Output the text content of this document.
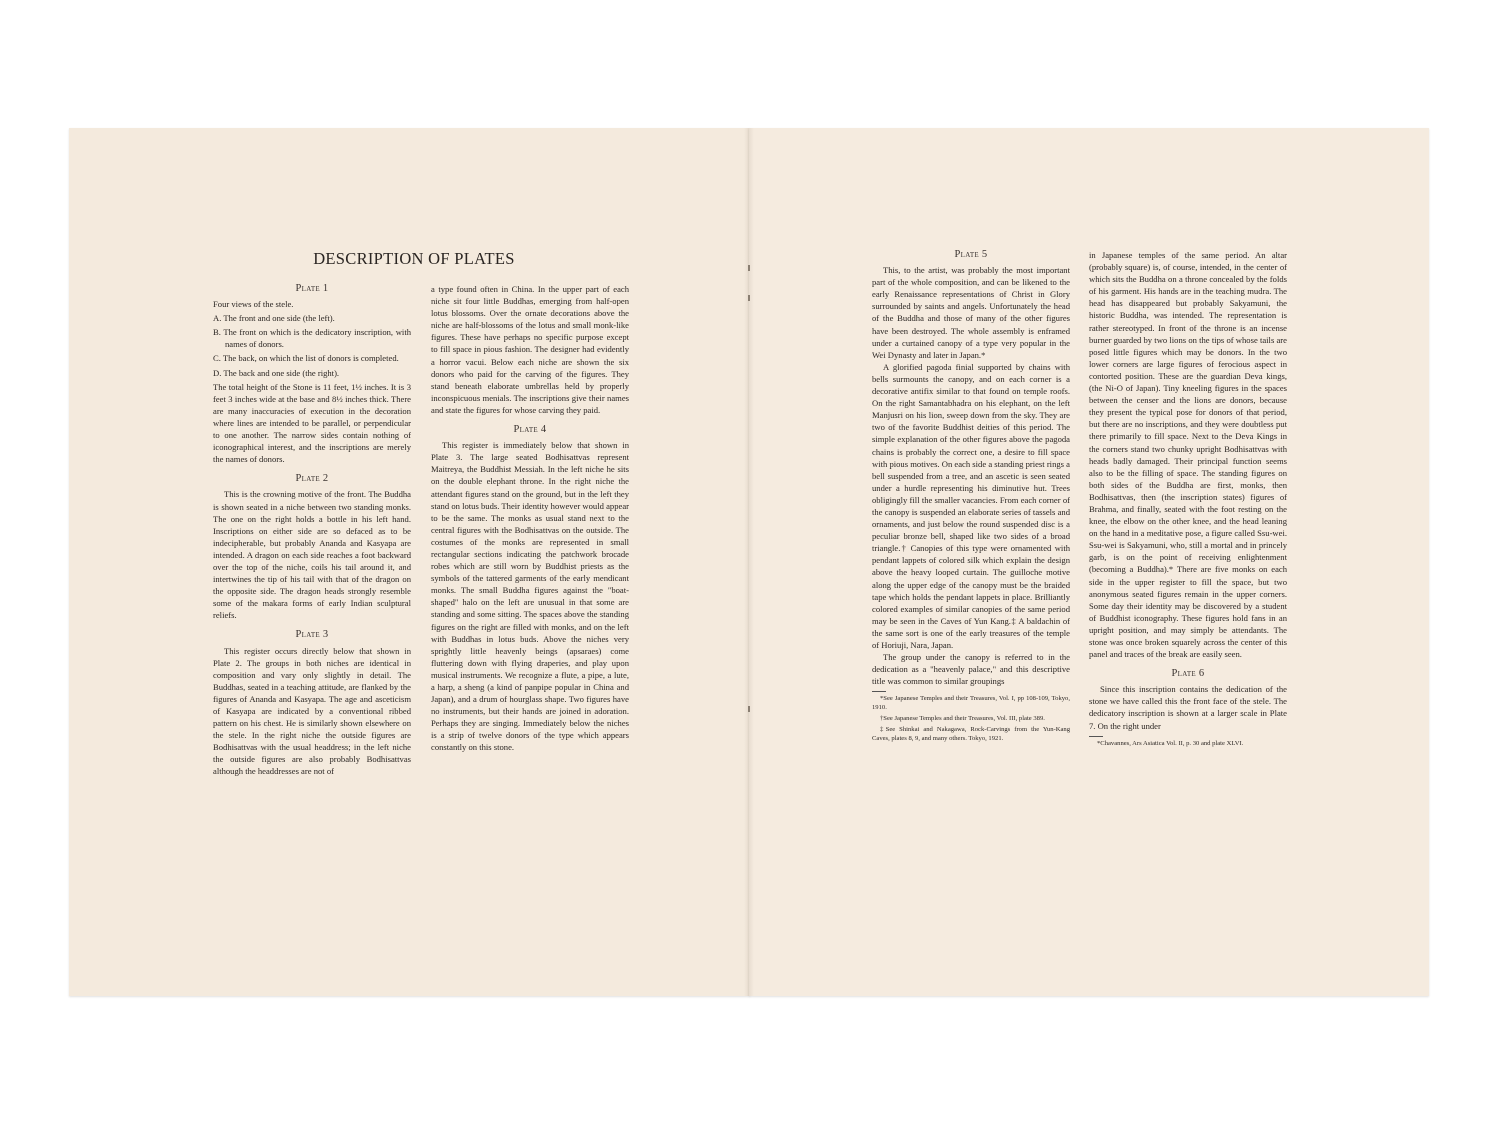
DESCRIPTION OF PLATES
Plate 1

Four views of the stele.

A. The front and one side (the left).
B. The front on which is the dedicatory inscription, with names of donors.
C. The back, on which the list of donors is completed.
D. The back and one side (the right).

The total height of the Stone is 11 feet, 1½ inches. It is 3 feet 3 inches wide at the base and 8½ inches thick. There are many inaccuracies of execution in the decoration where lines are intended to be parallel, or perpendicular to one another. The narrow sides contain nothing of iconographical interest, and the inscriptions are merely the names of donors.

Plate 2

This is the crowning motive of the front. The Buddha is shown seated in a niche between two standing monks. The one on the right holds a bottle in his left hand. Inscriptions on either side are so defaced as to be indecipherable, but probably Ananda and Kasyapa are intended. A dragon on each side reaches a foot backward over the top of the niche, coils his tail around it, and intertwines the tip of his tail with that of the dragon on the opposite side. The dragon heads strongly resemble some of the makara forms of early Indian sculptural reliefs.

Plate 3

This register occurs directly below that shown in Plate 2. The groups in both niches are identical in composition and vary only slightly in detail. The Buddhas, seated in a teaching attitude, are flanked by the figures of Ananda and Kasyapa. The age and asceticism of Kasyapa are indicated by a conventional ribbed pattern on his chest. He is similarly shown elsewhere on the stele. In the right niche the outside figures are Bodhisattvas with the usual headdress; in the left niche the outside figures are also probably Bodhisattvas although the headdresses are not of

a type found often in China. In the upper part of each niche sit four little Buddhas, emerging from half-open lotus blossoms. Over the ornate decorations above the niche are half-blossoms of the lotus and small monk-like figures. These have perhaps no specific purpose except to fill space in pious fashion. The designer had evidently a horror vacui. Below each niche are shown the six donors who paid for the carving of the figures. They stand beneath elaborate umbrellas held by properly inconspicuous menials. The inscriptions give their names and state the figures for whose carving they paid.

Plate 4

This register is immediately below that shown in Plate 3. The large seated Bodhisattvas represent Maitreya, the Buddhist Messiah. In the left niche he sits on the double elephant throne. In the right niche the attendant figures stand on the ground, but in the left they stand on lotus buds. Their identity however would appear to be the same. The monks as usual stand next to the central figures with the Bodhisattvas on the outside. The costumes of the monks are represented in small rectangular sections indicating the patchwork brocade robes which are still worn by Buddhist priests as the symbols of the tattered garments of the early mendicant monks. The small Buddha figures against the "boat-shaped" halo on the left are unusual in that some are standing and some sitting. The spaces above the standing figures on the right are filled with monks, and on the left with Buddhas in lotus buds. Above the niches very sprightly little heavenly beings (apsaraes) come fluttering down with flying draperies, and play upon musical instruments. We recognize a flute, a pipe, a lute, a harp, a sheng (a kind of panpipe popular in China and Japan), and a drum of hourglass shape. Two figures have no instruments, but their hands are joined in adoration. Perhaps they are singing. Immediately below the niches is a strip of twelve donors of the type which appears constantly on this stone.

Plate 5

This, to the artist, was probably the most important part of the whole composition, and can be likened to the early Renaissance representations of Christ in Glory surrounded by saints and angels. Unfortunately the head of the Buddha and those of many of the other figures have been destroyed. The whole assembly is enframed under a curtained canopy of a type very popular in the Wei Dynasty and later in Japan.*

A glorified pagoda finial supported by chains with bells surmounts the canopy, and on each corner is a decorative antifix similar to that found on temple roofs. On the right Samantabhadra on his elephant, on the left Manjusri on his lion, sweep down from the sky. They are two of the favorite Buddhist deities of this period. The simple explanation of the other figures above the pagoda chains is probably the correct one, a desire to fill space with pious motives. On each side a standing priest rings a bell suspended from a tree, and an ascetic is seen seated under a hurdle representing his diminutive hut. Trees obligingly fill the smaller vacancies. From each corner of the canopy is suspended an elaborate series of tassels and ornaments, and just below the round suspended disc is a peculiar bronze bell, shaped like two sides of a broad triangle.† Canopies of this type were ornamented with pendant lappets of colored silk which explain the design above the heavy looped curtain. The guilloche motive along the upper edge of the canopy must be the braided tape which holds the pendant lappets in place. Brilliantly colored examples of similar canopies of the same period may be seen in the Caves of Yun Kang.‡ A baldachin of the same sort is one of the early treasures of the temple of Horiuji, Nara, Japan.

The group under the canopy is referred to in the dedication as a "heavenly palace," and this descriptive title was common to similar groupings

*See Japanese Temples and their Treasures, Vol. I, pp 108-109, Tokyo, 1910.
†See Japanese Temples and their Treasures, Vol. III, plate 389.
‡See Shinkai and Nakagawa, Rock-Carvings from the Yun-Kang Caves, plates 8, 9, and many others. Tokyo, 1921.

in Japanese temples of the same period. An altar (probably square) is, of course, intended, in the center of which sits the Buddha on a throne concealed by the folds of his garment. His hands are in the teaching mudra. The head has disappeared but probably Sakyamuni, the historic Buddha, was intended. The representation is rather stereotyped. In front of the throne is an incense burner guarded by two lions on the tips of whose tails are posed little figures which may be donors. In the two lower corners are large figures of ferocious aspect in contorted position. These are the guardian Deva kings, (the Ni-O of Japan). Tiny kneeling figures in the spaces between the censer and the lions are donors, because they present the typical pose for donors of that period, but there are no inscriptions, and they were doubtless put there primarily to fill space. Next to the Deva Kings in the corners stand two chunky upright Bodhisattvas with heads badly damaged. Their principal function seems also to be the filling of space. The standing figures on both sides of the Buddha are first, monks, then Bodhisattvas, then (the inscription states) figures of Brahma, and finally, seated with the foot resting on the knee, the elbow on the other knee, and the head leaning on the hand in a meditative pose, a figure called Ssu-wei. Ssu-wei is Sakyamuni, who, still a mortal and in princely garb, is on the point of receiving enlightenment (becoming a Buddha).* There are five monks on each side in the upper register to fill the space, but two anonymous seated figures remain in the upper corners. Some day their identity may be discovered by a student of Buddhist iconography. These figures hold fans in an upright position, and may simply be attendants. The stone was once broken squarely across the center of this panel and traces of the break are easily seen.

Plate 6

Since this inscription contains the dedication of the stone we have called this the front face of the stele. The dedicatory inscription is shown at a larger scale in Plate 7. On the right under

*Chavannes, Ars Asiatica Vol. II, p. 30 and plate XLVI.
